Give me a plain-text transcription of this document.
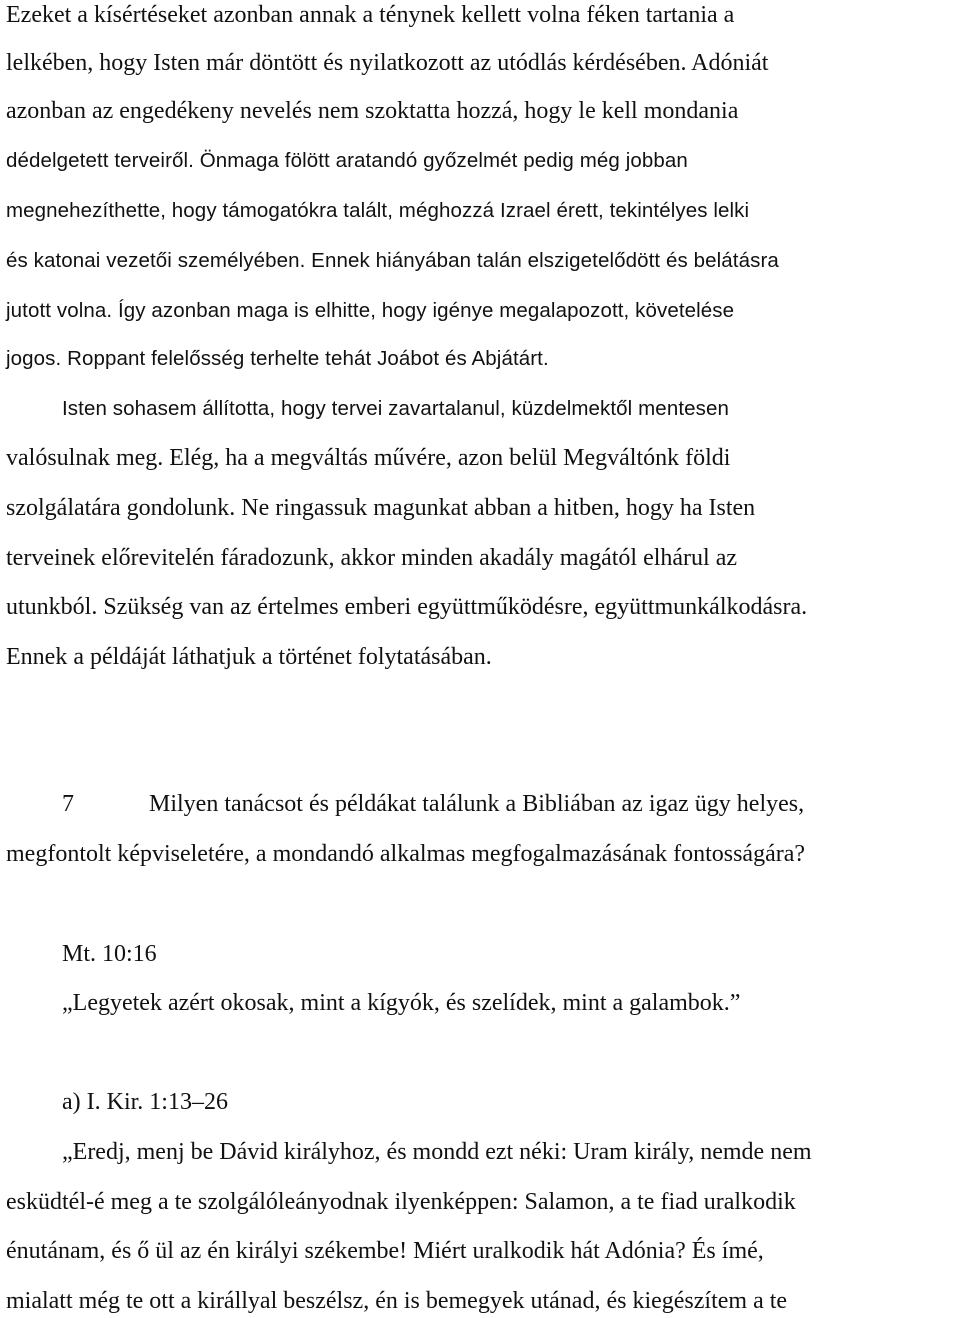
Ezeket a kísértéseket azonban annak a ténynek kellett volna féken tartania a
lelkében, hogy Isten már döntött és nyilatkozott az utódlás kérdésében. Adóniát
azonban az engedékeny nevelés nem szoktatta hozzá, hogy le kell mondania
dédelgetett terveiről. Önmaga fölött aratandó győzelmét pedig még jobban
megnehezíthette, hogy támogatókra talált, méghozzá Izrael érett, tekintélyes lelki
és katonai vezetői személyében. Ennek hiányában talán elszigetelődött és belátásra
jutott volna. Így azonban maga is elhitte, hogy igénye megalapozott, követelése
jogos. Roppant felelősség terhelte tehát Joábot és Abjátárt.
Isten sohasem állította, hogy tervei zavartalanul, küzdelmektől mentesen
valósulnak meg. Elég, ha a megváltás művére, azon belül Megváltónk földi
szolgálatára gondolunk. Ne ringassuk magunkat abban a hitben, hogy ha Isten
terveinek előrevitelén fáradozunk, akkor minden akadály magától elhárul az
utunkból. Szükség van az értelmes emberi együttműködésre, együttmunkálkodásra.
Ennek a példáját láthatjuk a történet folytatásában.
7	Milyen tanácsot és példákat találunk a Bibliában az igaz ügy helyes,
megfontolt képviseletére, a mondandó alkalmas megfogalmazásának fontosságára?
Mt. 10:16
„Legyetek azért okosak, mint a kígyók, és szelídek, mint a galambok.”
a) I. Kir. 1:13–26
„Eredj, menj be Dávid királyhoz, és mondd ezt néki: Uram király, nemde nem
esküdtél-é meg a te szolgálóleányodnak ilyenképpen: Salamon, a te fiad uralkodik
énutánam, és ő ül az én királyi székembe! Miért uralkodik hát Adónia? És ímé,
mialatt még te ott a királlyal beszélsz, én is bemegyek utánad, és kiegészítem a te
